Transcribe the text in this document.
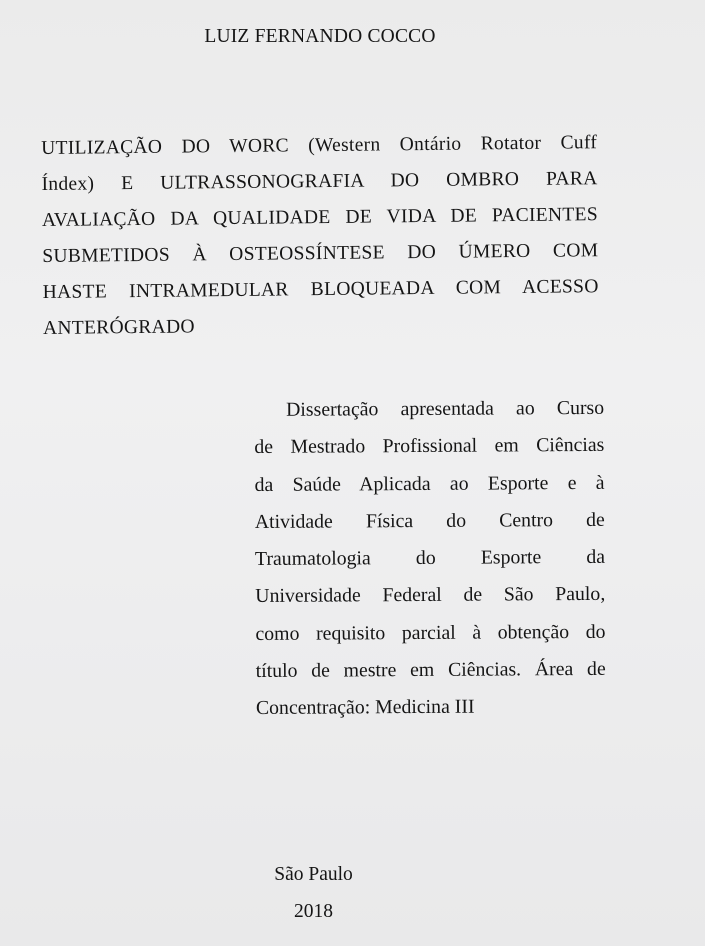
LUIZ FERNANDO COCCO
UTILIZAÇÃO DO WORC (Western Ontário Rotator Cuff
Índex) E ULTRASSONOGRAFIA DO OMBRO PARA
AVALIAÇÃO DA QUALIDADE DE VIDA DE PACIENTES
SUBMETIDOS À OSTEOSSÍNTESE DO ÚMERO COM
HASTE INTRAMEDULAR BLOQUEADA COM ACESSO
ANTERÓGRADO
Dissertação apresentada ao Curso
de Mestrado Profissional em Ciências
da Saúde Aplicada ao Esporte e à
Atividade Física do Centro de
Traumatologia do Esporte da
Universidade Federal de São Paulo,
como requisito parcial à obtenção do
título de mestre em Ciências. Área de
Concentração: Medicina III
São Paulo
2018
